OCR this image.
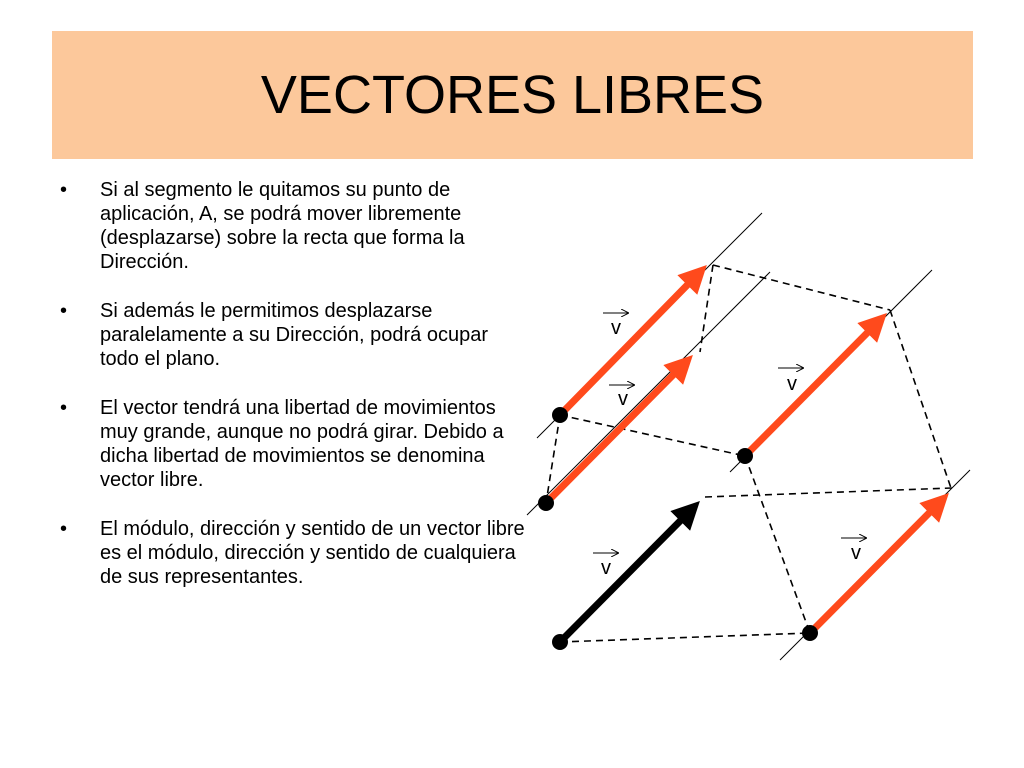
VECTORES LIBRES
• Si al segmento le quitamos su punto de aplicación, A, se podrá mover libremente (desplazarse) sobre la recta que forma la Dirección.
• Si además le permitimos desplazarse paralelamente a su Dirección, podrá ocupar todo el plano.
• El vector tendrá una libertad de movimientos muy grande, aunque no podrá girar. Debido a dicha libertad de movimientos se denomina vector libre.
• El módulo, dirección y sentido de un vector libre es el módulo, dirección y sentido de cualquiera de sus representantes.
v
v
v
v
v
